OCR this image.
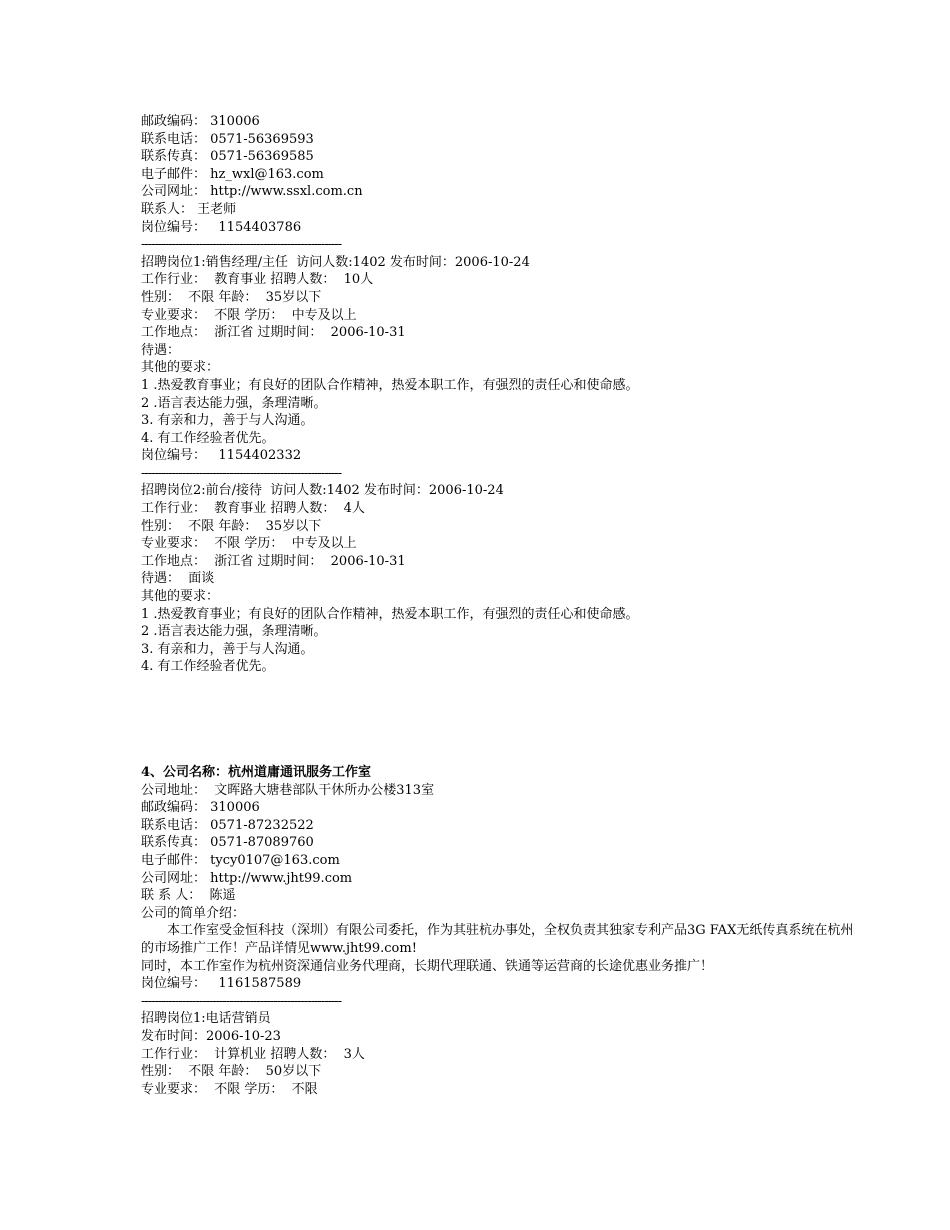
邮政编码： 310006
联系电话： 0571-56369593
联系传真： 0571-56369585
电子邮件： hz_wxl@163.com
公司网址： http://www.ssxl.com.cn
联系人： 王老师
岗位编号：   1154403786
-----------------------------------------------------------
招聘岗位1:销售经理/主任  访问人数:1402 发布时间：2006-10-24
工作行业：  教育事业 招聘人数：  10人
性别：  不限 年龄：  35岁以下
专业要求：  不限 学历：  中专及以上
工作地点：  浙江省 过期时间：  2006-10-31
待遇：
其他的要求：
1 .热爱教育事业；有良好的团队合作精神，热爱本职工作，有强烈的责任心和使命感。
2 .语言表达能力强，条理清晰。
3. 有亲和力，善于与人沟通。
4. 有工作经验者优先。
岗位编号：   1154402332
-----------------------------------------------------------
招聘岗位2:前台/接待  访问人数:1402 发布时间：2006-10-24
工作行业：  教育事业 招聘人数：  4人
性别：  不限 年龄：  35岁以下
专业要求：  不限 学历：  中专及以上
工作地点：  浙江省 过期时间：  2006-10-31
待遇：  面谈
其他的要求：
1 .热爱教育事业；有良好的团队合作精神，热爱本职工作，有强烈的责任心和使命感。
2 .语言表达能力强，条理清晰。
3. 有亲和力，善于与人沟通。
4. 有工作经验者优先。
4、公司名称：杭州道庸通讯服务工作室
公司地址：  文晖路大塘巷部队干休所办公楼313室
邮政编码： 310006
联系电话： 0571-87232522
联系传真： 0571-87089760
电子邮件： tycy0107@163.com
公司网址： http://www.jht99.com
联 系 人：  陈遥
公司的简单介绍：
本工作室受金恒科技（深圳）有限公司委托，作为其驻杭办事处，全权负责其独家专利产品3G FAX无纸传真系统在杭州的市场推广工作！产品详情见www.jht99.com!
同时，本工作室作为杭州资深通信业务代理商，长期代理联通、铁通等运营商的长途优惠业务推广！
岗位编号：   1161587589
-----------------------------------------------------------
招聘岗位1:电话营销员
发布时间：2006-10-23
工作行业：  计算机业 招聘人数：  3人
性别：  不限 年龄：  50岁以下
专业要求：  不限 学历：  不限
